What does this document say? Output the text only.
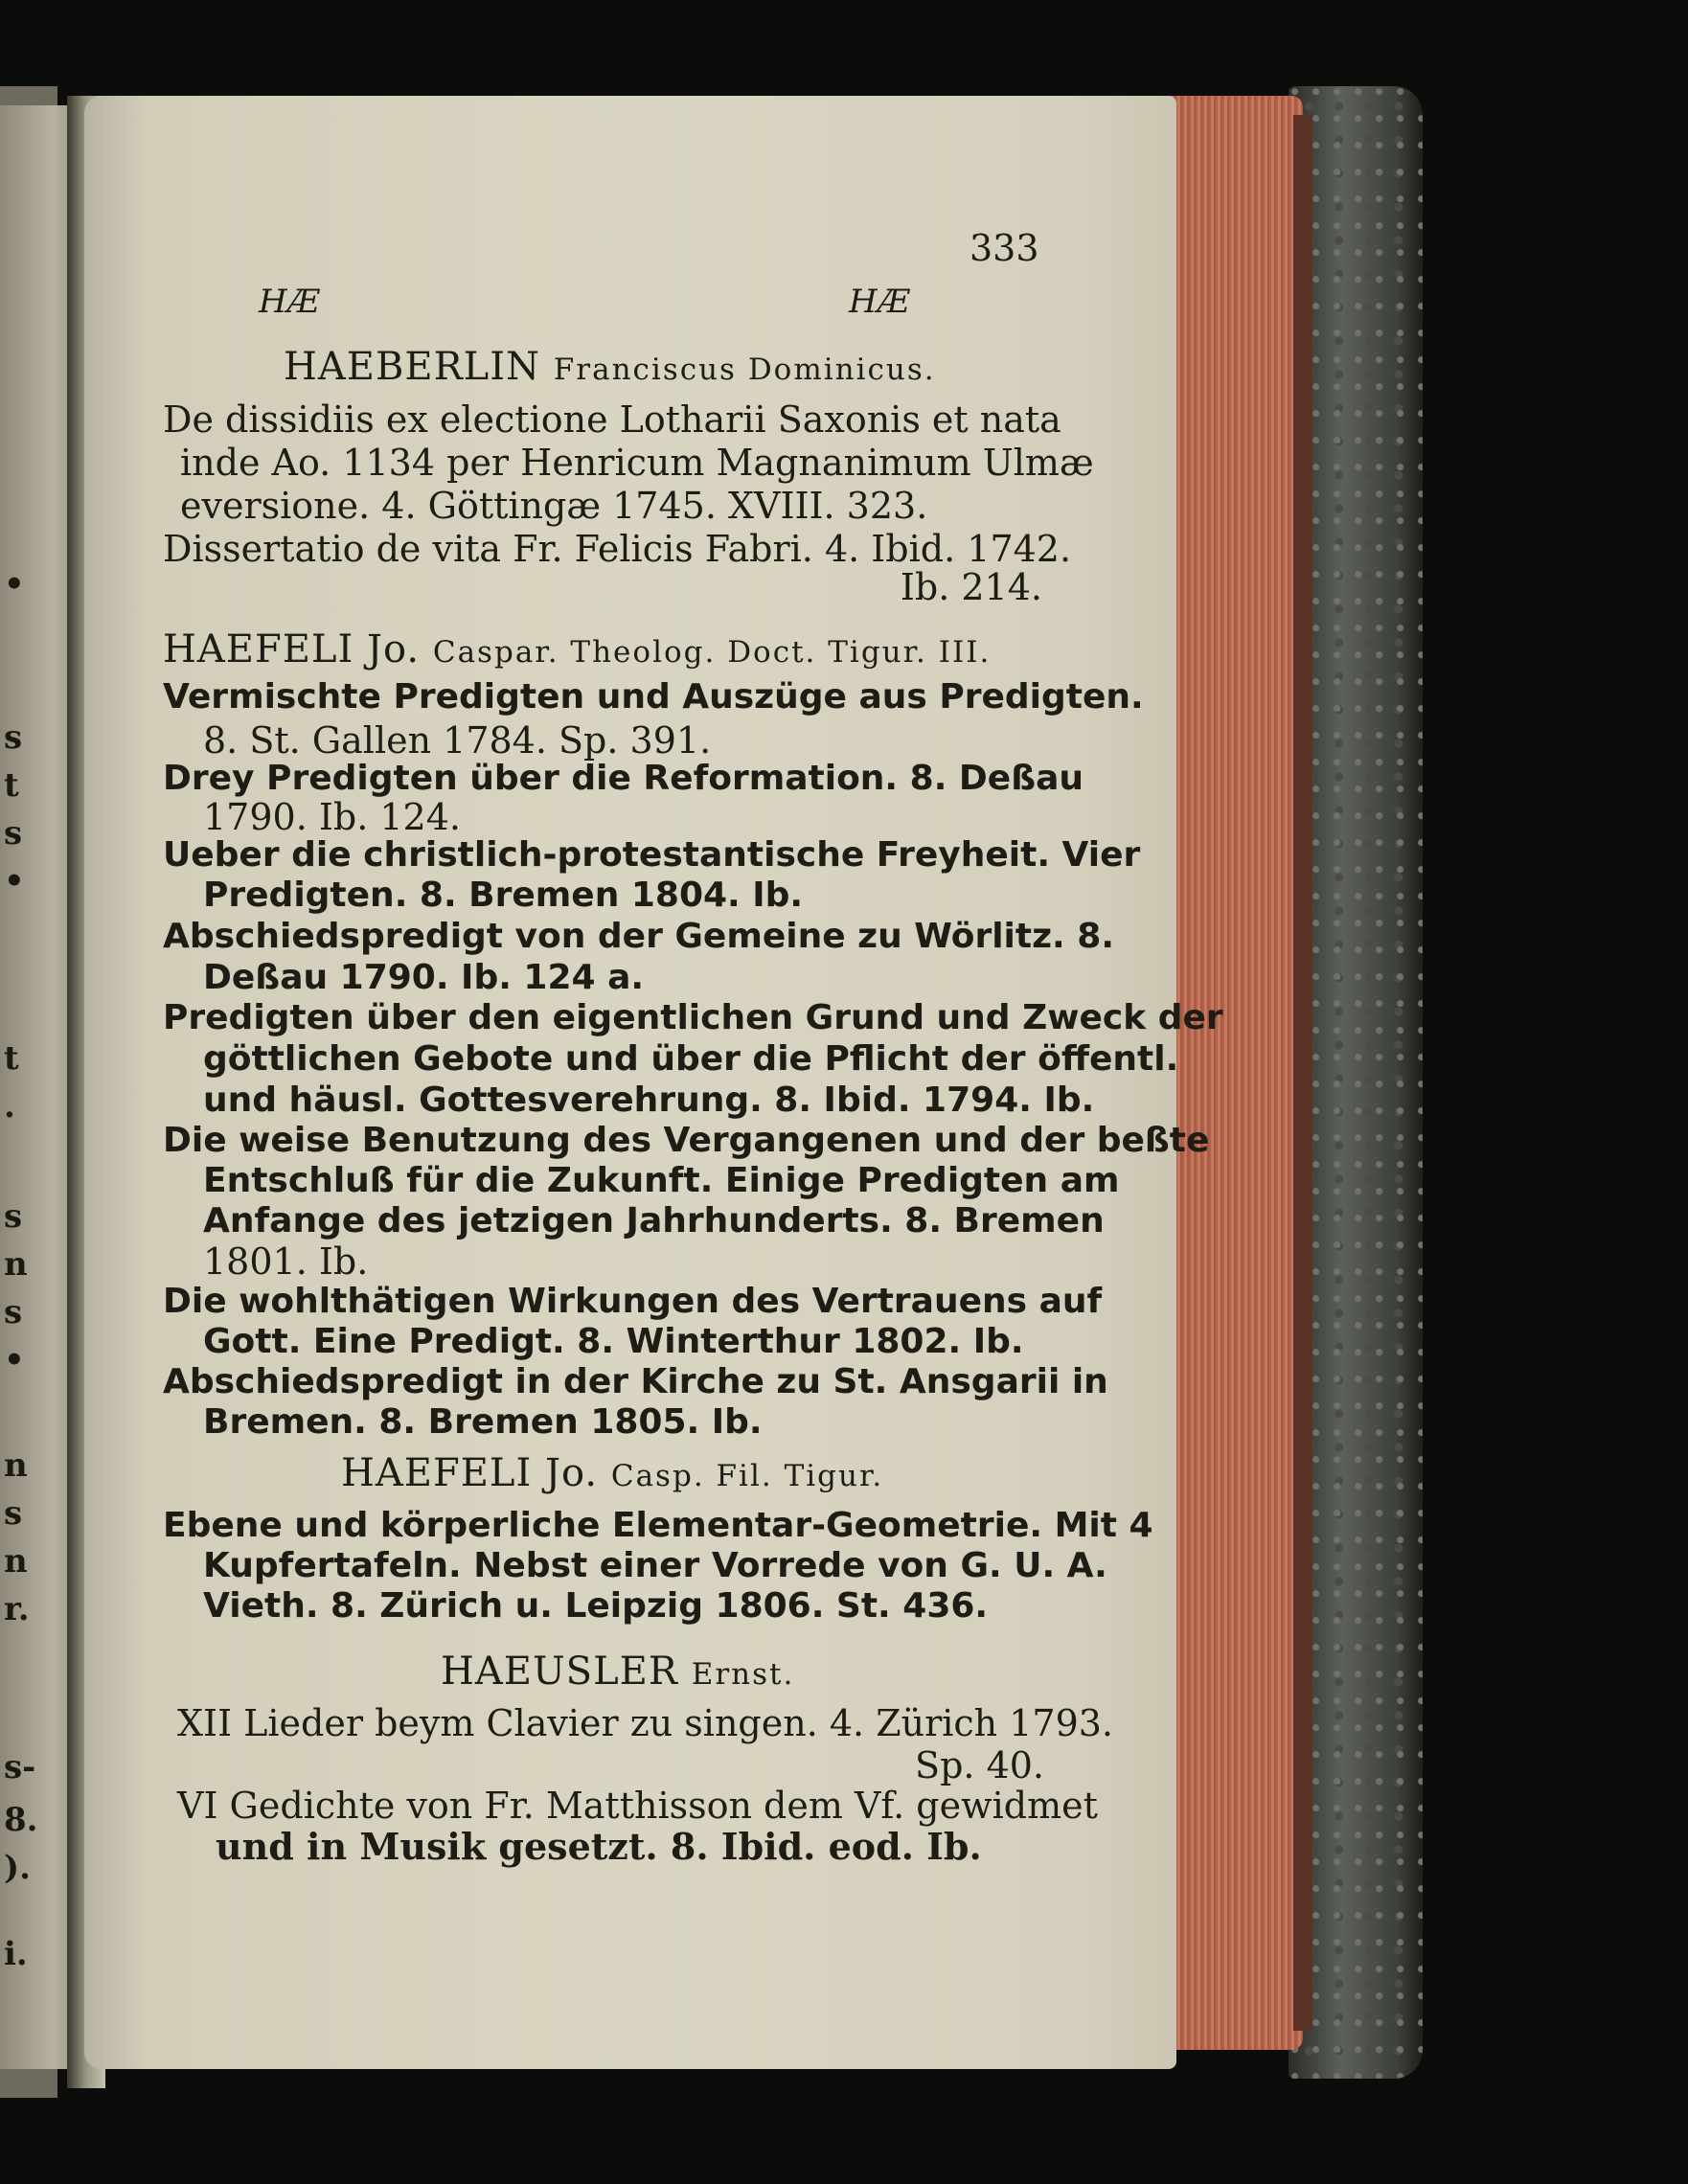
•
s
t
s
•
t
.
s
n
s
•
n
s
n
r.
s-
8.
).
i.
333
HÆ	HÆ
HAEBERLIN Franciscus Dominicus.
De dissidiis ex electione Lotharii Saxonis et nata
inde Ao. 1134 per Henricum Magnanimum Ulmæ
eversione. 4. Göttingæ 1745. XVIII. 323.
Dissertatio de vita Fr. Felicis Fabri. 4. Ibid. 1742.
Ib. 214.
HAEFELI Jo. Caspar. Theolog. Doct. Tigur. III.
Vermischte Predigten und Auszüge aus Predigten.
8. St. Gallen 1784. Sp. 391.
Drey Predigten über die Reformation. 8. Deßau
1790. Ib. 124.
Ueber die christlich-protestantische Freyheit. Vier
Predigten. 8. Bremen 1804. Ib.
Abschiedspredigt von der Gemeine zu Wörlitz. 8.
Deßau 1790. Ib. 124 a.
Predigten über den eigentlichen Grund und Zweck der
göttlichen Gebote und über die Pflicht der öffentl.
und häusl. Gottesverehrung. 8. Ibid. 1794. Ib.
Die weise Benutzung des Vergangenen und der beßte
Entschluß für die Zukunft. Einige Predigten am
Anfange des jetzigen Jahrhunderts. 8. Bremen
1801. Ib.
Die wohlthätigen Wirkungen des Vertrauens auf
Gott. Eine Predigt. 8. Winterthur 1802. Ib.
Abschiedspredigt in der Kirche zu St. Ansgarii in
Bremen. 8. Bremen 1805. Ib.
HAEFELI Jo. Casp. Fil. Tigur.
Ebene und körperliche Elementar-Geometrie. Mit 4
Kupfertafeln. Nebst einer Vorrede von G. U. A.
Vieth. 8. Zürich u. Leipzig 1806. St. 436.
HAEUSLER Ernst.
XII Lieder beym Clavier zu singen. 4. Zürich 1793.
Sp. 40.
VI Gedichte von Fr. Matthisson dem Vf. gewidmet
und in Musik gesetzt. 8. Ibid. eod. Ib.
